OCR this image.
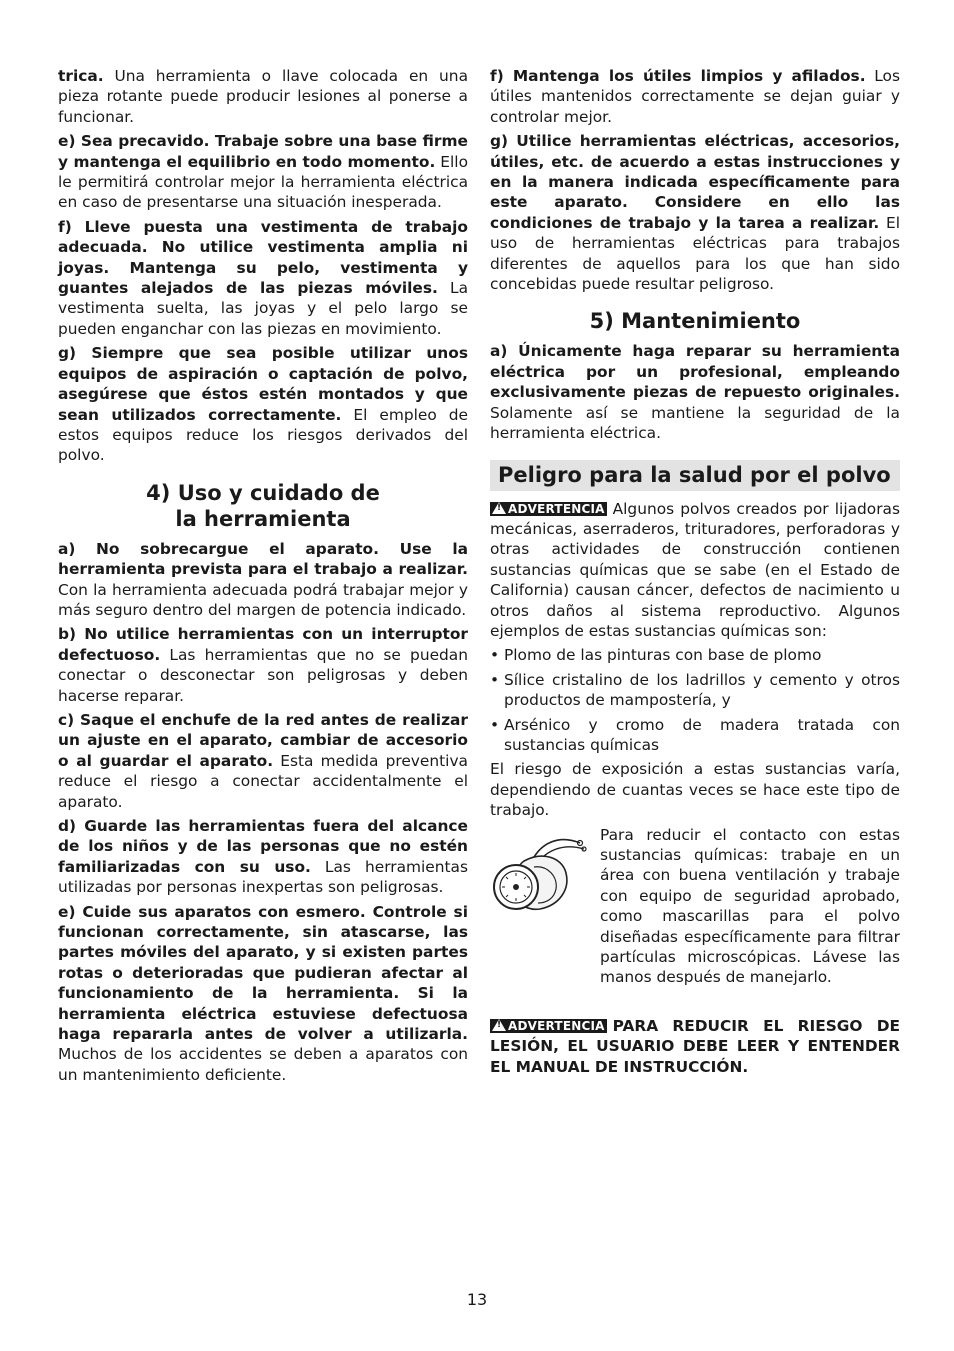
trica. Una herramienta o llave colocada en una pieza rotante puede producir lesiones al ponerse a funcionar.

e) Sea precavido. Trabaje sobre una base firme y mantenga el equilibrio en todo momento. Ello le permitirá controlar mejor la herramienta eléctrica en caso de presentarse una situación inesperada.

f) Lleve puesta una vestimenta de trabajo adecuada. No utilice vestimenta amplia ni joyas. Mantenga su pelo, vestimenta y guantes alejados de las piezas móviles. La vestimenta suelta, las joyas y el pelo largo se pueden enganchar con las piezas en movimiento.

g) Siempre que sea posible utilizar unos equipos de aspiración o captación de polvo, asegúrese que éstos estén montados y que sean utilizados correctamente. El empleo de estos equipos reduce los riesgos derivados del polvo.

4) Uso y cuidado de
la herramienta

a) No sobrecargue el aparato. Use la herramienta prevista para el trabajo a realizar. Con la herramienta adecuada podrá trabajar mejor y más seguro dentro del margen de potencia indicado.

b) No utilice herramientas con un interruptor defectuoso. Las herramientas que no se puedan conectar o desconectar son peligrosas y deben hacerse reparar.

c) Saque el enchufe de la red antes de realizar un ajuste en el aparato, cambiar de accesorio o al guardar el aparato. Esta medida preventiva reduce el riesgo a conectar accidentalmente el aparato.

d) Guarde las herramientas fuera del alcance de los niños y de las personas que no estén familiarizadas con su uso. Las herramientas utilizadas por personas inexpertas son peligrosas.

e) Cuide sus aparatos con esmero. Controle si funcionan correctamente, sin atascarse, las partes móviles del aparato, y si existen partes rotas o deterioradas que pudieran afectar al funcionamiento de la herramienta. Si la herramienta eléctrica estuviese defectuosa haga repararla antes de volver a utilizarla. Muchos de los accidentes se deben a aparatos con un mantenimiento deficiente.

f) Mantenga los útiles limpios y afilados. Los útiles mantenidos correctamente se dejan guiar y controlar mejor.

g) Utilice herramientas eléctricas, accesorios, útiles, etc. de acuerdo a estas instrucciones y en la manera indicada específicamente para este aparato. Considere en ello las condiciones de trabajo y la tarea a realizar. El uso de herramientas eléctricas para trabajos diferentes de aquellos para los que han sido concebidas puede resultar peligroso.

5) Mantenimiento

a) Únicamente haga reparar su herramienta eléctrica por un profesional, empleando exclusivamente piezas de repuesto originales. Solamente así se mantiene la seguridad de la herramienta eléctrica.

Peligro para la salud por el polvo

! ADVERTENCIA Algunos polvos creados por lijadoras mecánicas, aserraderos, trituradores, perforadoras y otras actividades de construcción contienen sustancias químicas que se sabe (en el Estado de California) causan cáncer, defectos de nacimiento u otros daños al sistema reproductivo. Algunos ejemplos de estas sustancias químicas son:

• Plomo de las pinturas con base de plomo
• Sílice cristalino de los ladrillos y cemento y otros productos de mampostería, y
• Arsénico y cromo de madera tratada con sustancias químicas

El riesgo de exposición a estas sustancias varía, dependiendo de cuantas veces se hace este tipo de trabajo.

Para reducir el contacto con estas sustancias químicas: trabaje en un área con buena ventilación y trabaje con equipo de seguridad aprobado, como mascarillas para el polvo diseñadas específicamente para filtrar partículas microscópicas. Lávese las manos después de manejarlo.

! ADVERTENCIA PARA REDUCIR EL RIESGO DE LESIÓN, EL USUARIO DEBE LEER Y ENTENDER EL MANUAL DE INSTRUCCIÓN.
13
